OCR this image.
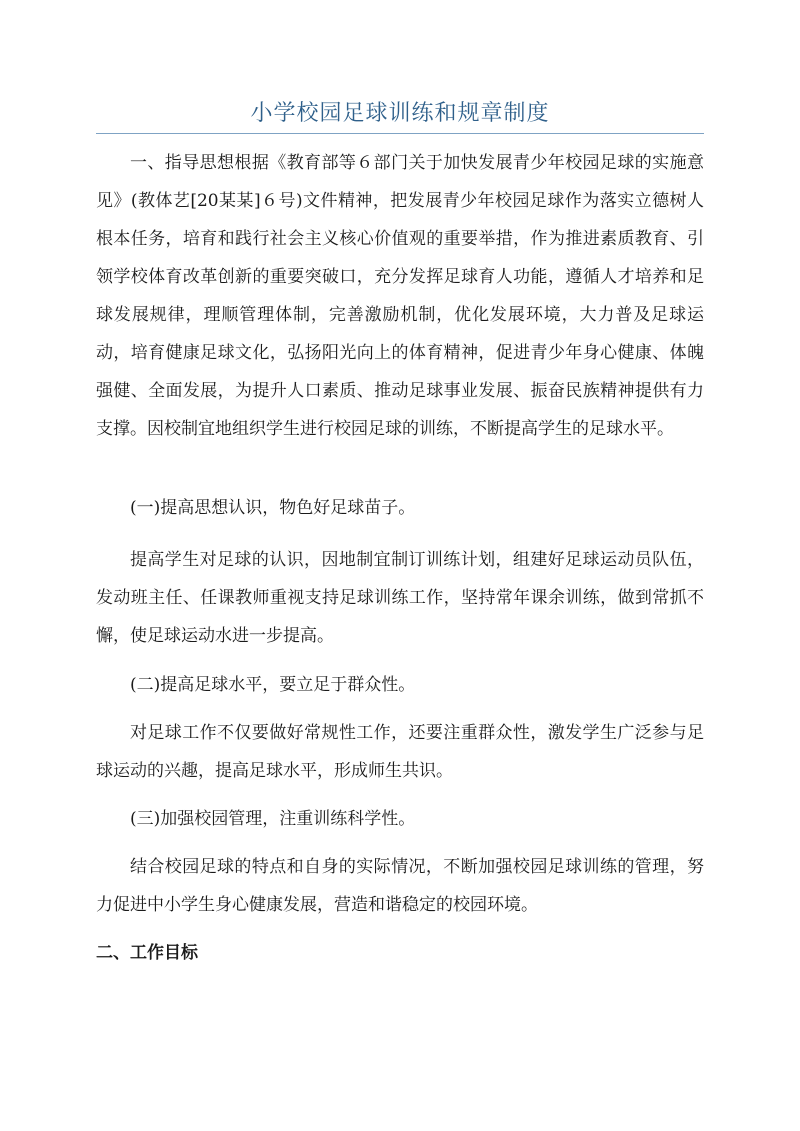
小学校园足球训练和规章制度

一、指导思想根据《教育部等６部门关于加快发展青少年校园足球的实施意见》(教体艺[20某某]６号)文件精神，把发展青少年校园足球作为落实立德树人根本任务，培育和践行社会主义核心价值观的重要举措，作为推进素质教育、引领学校体育改革创新的重要突破口，充分发挥足球育人功能，遵循人才培养和足球发展规律，理顺管理体制，完善激励机制，优化发展环境，大力普及足球运动，培育健康足球文化，弘扬阳光向上的体育精神，促进青少年身心健康、体魄强健、全面发展，为提升人口素质、推动足球事业发展、振奋民族精神提供有力支撑。因校制宜地组织学生进行校园足球的训练，不断提高学生的足球水平。

(一)提高思想认识，物色好足球苗子。

提高学生对足球的认识，因地制宜制订训练计划，组建好足球运动员队伍，发动班主任、任课教师重视支持足球训练工作，坚持常年课余训练，做到常抓不懈，使足球运动水进一步提高。

(二)提高足球水平，要立足于群众性。

对足球工作不仅要做好常规性工作，还要注重群众性，激发学生广泛参与足球运动的兴趣，提高足球水平，形成师生共识。

(三)加强校园管理，注重训练科学性。

结合校园足球的特点和自身的实际情况，不断加强校园足球训练的管理，努力促进中小学生身心健康发展，营造和谐稳定的校园环境。

二、工作目标
